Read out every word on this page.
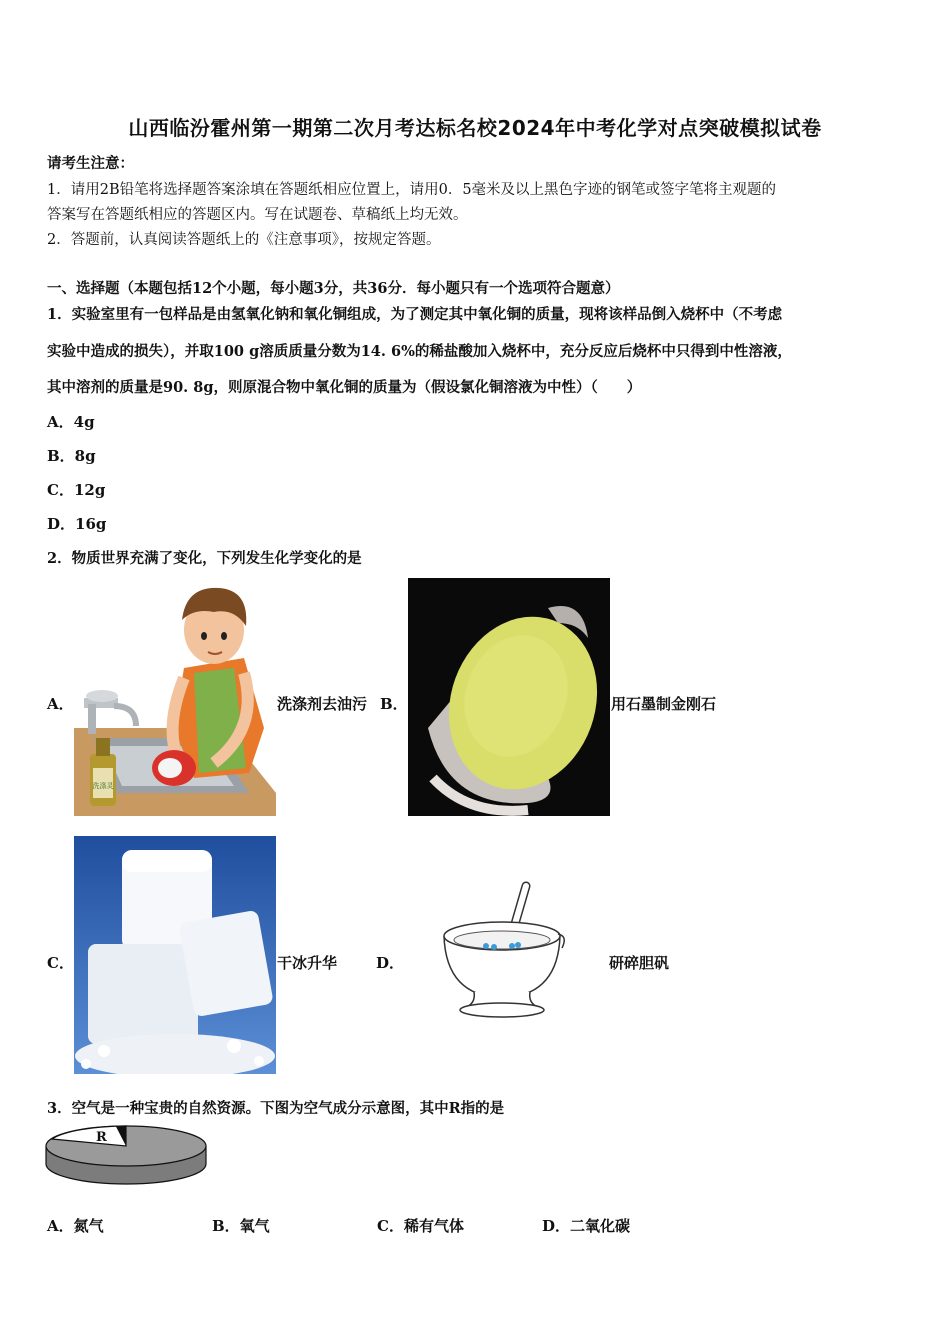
山西临汾霍州第一期第二次月考达标名校2024年中考化学对点突破模拟试卷
请考生注意：
1．请用2B铅笔将选择题答案涂填在答题纸相应位置上，请用0．5毫米及以上黑色字迹的钢笔或签字笔将主观题的
答案写在答题纸相应的答题区内。写在试题卷、草稿纸上均无效。
2．答题前，认真阅读答题纸上的《注意事项》，按规定答题。
一、选择题（本题包括12个小题，每小题3分，共36分．每小题只有一个选项符合题意）
1．实验室里有一包样品是由氢氧化钠和氧化铜组成，为了测定其中氧化铜的质量，现将该样品倒入烧杯中（不考虑
实验中造成的损失），并取100 g溶质质量分数为14. 6%的稀盐酸加入烧杯中，充分反应后烧杯中只得到中性溶液，
其中溶剂的质量是90. 8g，则原混合物中氧化铜的质量为（假设氯化铜溶液为中性）（　　）
A．4g
B．8g
C．12g
D．16g
2．物质世界充满了变化，下列发生化学变化的是
A．
洗涤灵
洗涤剂去油污 B．	用石墨制金刚石
C．	干冰升华	D．	研碎胆矾
3．空气是一种宝贵的自然资源。下图为空气成分示意图，其中R指的是
R
A．氮气	B．氧气	C．稀有气体	D．二氧化碳
